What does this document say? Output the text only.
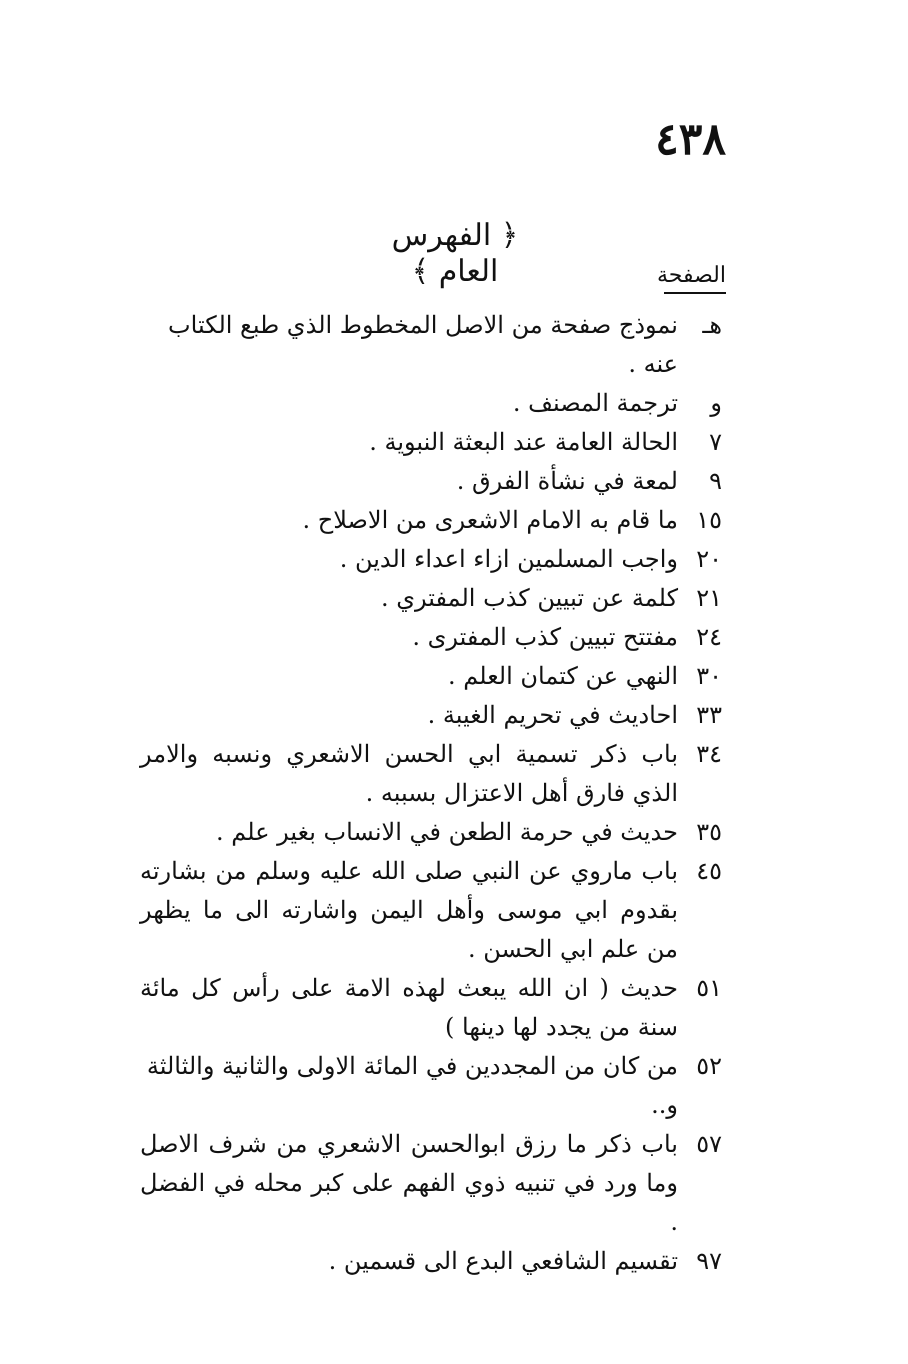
٤٣٨
﴿ الفهرس العام ﴾	الصفحة
هـ
نموذج صفحة من الاصل المخطوط الذي طبع الكتاب عنه .
و
ترجمة المصنف .
٧
الحالة العامة عند البعثة النبوية .
٩
لمعة في نشأة الفرق .
١٥
ما قام به الامام الاشعرى من الاصلاح .
٢٠
واجب المسلمين ازاء اعداء الدين .
٢١
كلمة عن تبيين كذب المفتري .
٢٤
مفتتح تبيين كذب المفترى .
٣٠
النهي عن كتمان العلم .
٣٣
احاديث في تحريم الغيبة .
٣٤
باب ذكر تسمية ابي الحسن الاشعري ونسبه والامر الذي فارق أهل الاعتزال بسببه .
٣٥
حديث في حرمة الطعن في الانساب بغير علم .
٤٥
باب ماروي عن النبي صلى الله عليه وسلم من بشارته بقدوم ابي موسى وأهل اليمن واشارته الى ما يظهر من علم ابي الحسن .
٥١
حديث ( ان الله يبعث لهذه الامة على رأس كل مائة سنة من يجدد لها دينها )
٥٢
من كان من المجددين في المائة الاولى والثانية والثالثة و..
٥٧
باب ذكر ما رزق ابوالحسن الاشعري من شرف الاصل وما ورد في تنبيه ذوي الفهم على كبر محله في الفضل .
٩٧
تقسيم الشافعي البدع الى قسمين .
